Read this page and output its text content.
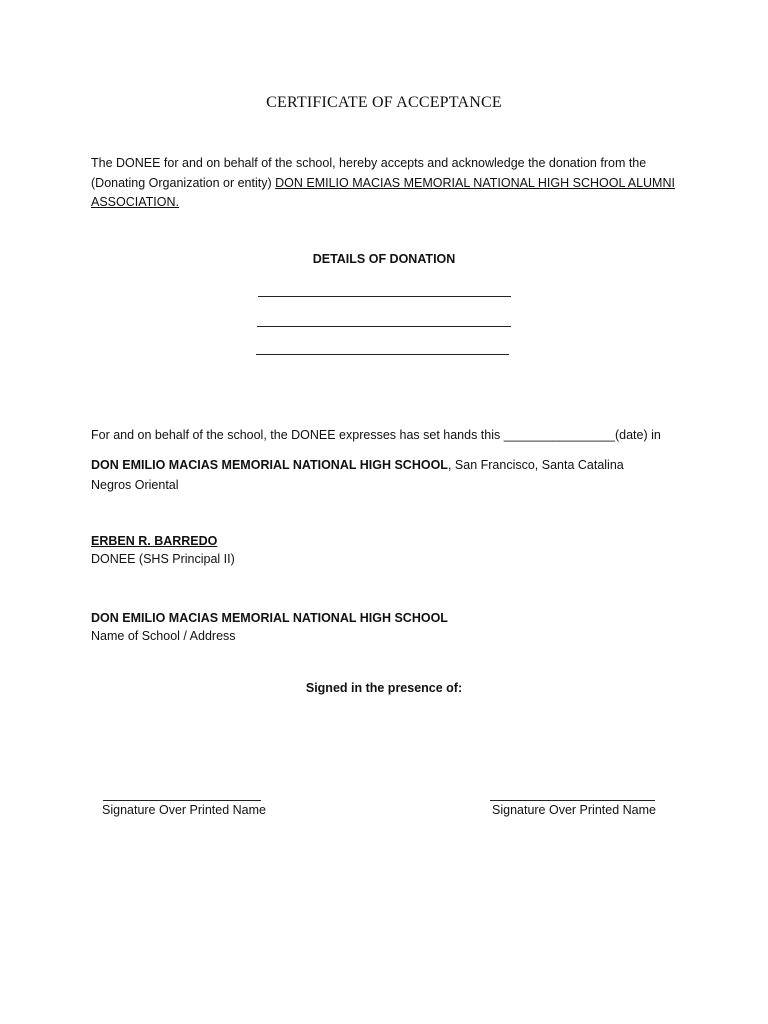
CERTIFICATE OF ACCEPTANCE
The DONEE for and on behalf of the school, hereby accepts and acknowledge the donation from the (Donating Organization or entity) DON EMILIO MACIAS MEMORIAL NATIONAL HIGH SCHOOL ALUMNI ASSOCIATION.
DETAILS OF DONATION
For and on behalf of the school, the DONEE expresses has set hands this ________________(date) in
DON EMILIO MACIAS MEMORIAL NATIONAL HIGH SCHOOL, San Francisco, Santa Catalina Negros Oriental
ERBEN R. BARREDO
DONEE (SHS Principal II)
DON EMILIO MACIAS MEMORIAL NATIONAL HIGH SCHOOL
Name of School / Address
Signed in the presence of:
Signature Over Printed Name	Signature Over Printed Name
